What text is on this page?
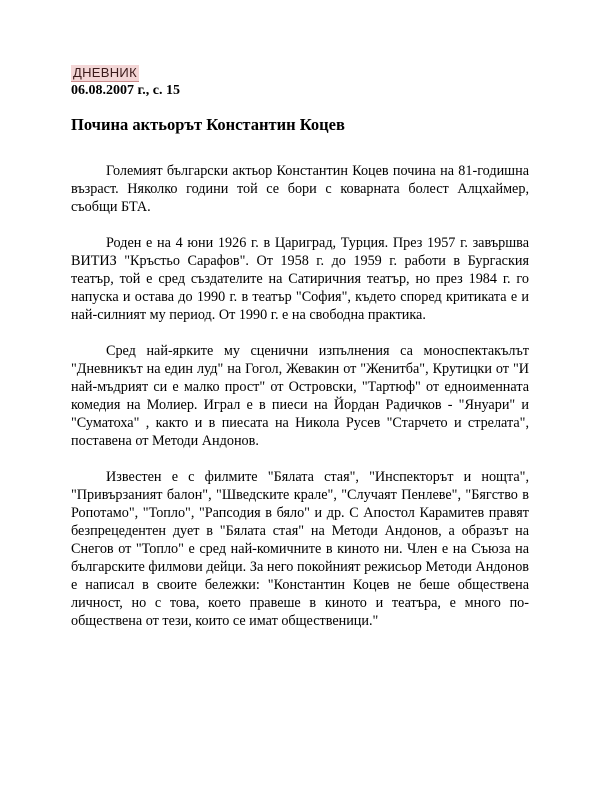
ДНЕВНИК
06.08.2007 г., с. 15
Почина актьорът Константин Коцев

Големият български актьор Константин Коцев почина на 81-годишна възраст. Няколко години той се бори с коварната болест Алцхаймер, съобщи БТА.

Роден е на 4 юни 1926 г. в Цариград, Турция. През 1957 г. завършва ВИТИЗ "Кръстьо Сарафов". От 1958 г. до 1959 г. работи в Бургаския театър, той е сред създателите на Сатиричния театър, но през 1984 г. го напуска и остава до 1990 г. в театър "София", където според критиката е и най-силният му период. От 1990 г. е на свободна практика.

Сред най-ярките му сценични изпълнения са моноспектакълът "Дневникът на един луд" на Гогол, Жевакин от "Женитба", Крутицки от "И най-мъдрият си е малко прост" от Островски, "Тартюф" от едноименната комедия на Молиер. Играл е в пиеси на Йордан Радичков - "Януари" и "Суматоха" , както и в пиесата на Никола Русев "Старчето и стрелата", поставена от Методи Андонов.

Известен е с филмите "Бялата стая", "Инспекторът и нощта", "Привързаният балон", "Шведските крале", "Случаят Пенлеве", "Бягство в Ропотамо", "Топло", "Рапсодия в бяло" и др. С Апостол Карамитев правят безпрецедентен дует в "Бялата стая" на Методи Андонов, а образът на Снегов от "Топло" е сред най-комичните в киното ни. Член е на Съюза на българските филмови дейци. За него покойният режисьор Методи Андонов е написал в своите бележки: "Константин Коцев не беше обществена личност, но с това, което правеше в киното и театъра, е много по-обществена от тези, които се имат общественици."
